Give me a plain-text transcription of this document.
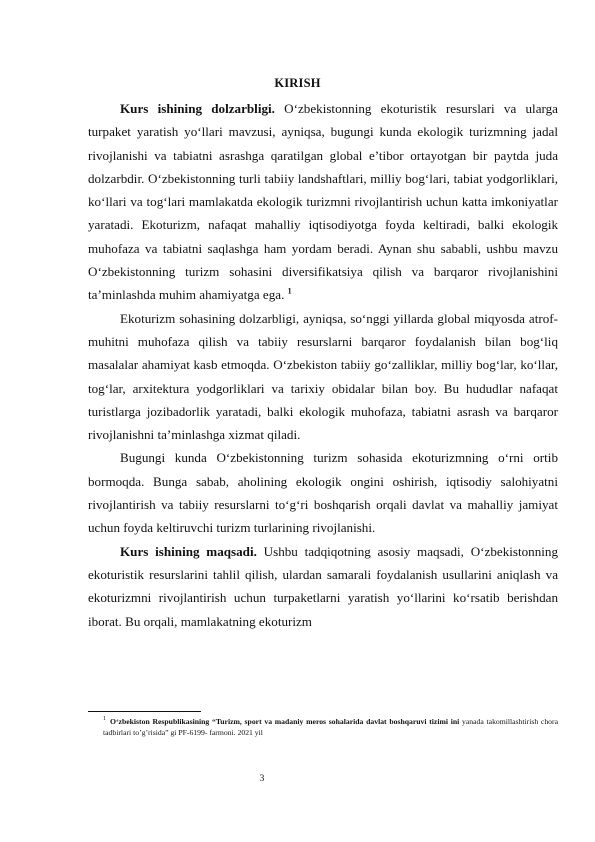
KIRISH

Kurs ishining dolzarbligi. O‘zbekistonning ekoturistik resurslari va ularga turpaket yaratish yo‘llari mavzusi, ayniqsa, bugungi kunda ekologik turizmning jadal rivojlanishi va tabiatni asrashga qaratilgan global e’tibor ortayotgan bir paytda juda dolzarbdir. O‘zbekistonning turli tabiiy landshaftlari, milliy bog‘lari, tabiat yodgorliklari, ko‘llari va tog‘lari mamlakatda ekologik turizmni rivojlantirish uchun katta imkoniyatlar yaratadi. Ekoturizm, nafaqat mahalliy iqtisodiyotga foyda keltiradi, balki ekologik muhofaza va tabiatni saqlashga ham yordam beradi. Aynan shu sababli, ushbu mavzu O‘zbekistonning turizm sohasini diversifikatsiya qilish va barqaror rivojlanishini ta’minlashda muhim ahamiyatga ega. $^1$

Ekoturizm sohasining dolzarbligi, ayniqsa, so‘nggi yillarda global miqyosda atrof-muhitni muhofaza qilish va tabiiy resurslarni barqaror foydalanish bilan bog‘liq masalalar ahamiyat kasb etmoqda. O‘zbekiston tabiiy go‘zalliklar, milliy bog‘lar, ko‘llar, tog‘lar, arxitektura yodgorliklari va tarixiy obidalar bilan boy. Bu hududlar nafaqat turistlarga jozibadorlik yaratadi, balki ekologik muhofaza, tabiatni asrash va barqaror rivojlanishni ta’minlashga xizmat qiladi.

Bugungi kunda O‘zbekistonning turizm sohasida ekoturizmning o‘rni ortib bormoqda. Bunga sabab, aholining ekologik ongini oshirish, iqtisodiy salohiyatni rivojlantirish va tabiiy resurslarni to‘g‘ri boshqarish orqali davlat va mahalliy jamiyat uchun foyda keltiruvchi turizm turlarining rivojlanishi.

Kurs ishining maqsadi. Ushbu tadqiqotning asosiy maqsadi, O‘zbekistonning ekoturistik resurslarini tahlil qilish, ulardan samarali foydalanish usullarini aniqlash va ekoturizmni rivojlantirish uchun turpaketlarni yaratish yo‘llarini ko‘rsatib berishdan iborat. Bu orqali, mamlakatning ekoturizm

$^1$ O‘zbekiston Respublikasining “Turizm, sport va madaniy meros sohalarida davlat boshqaruvi tizimi ini yanada takomillashtirish chora tadbirlari to’g’risida” gi PF-6199- farmoni. 2021 yil
3
